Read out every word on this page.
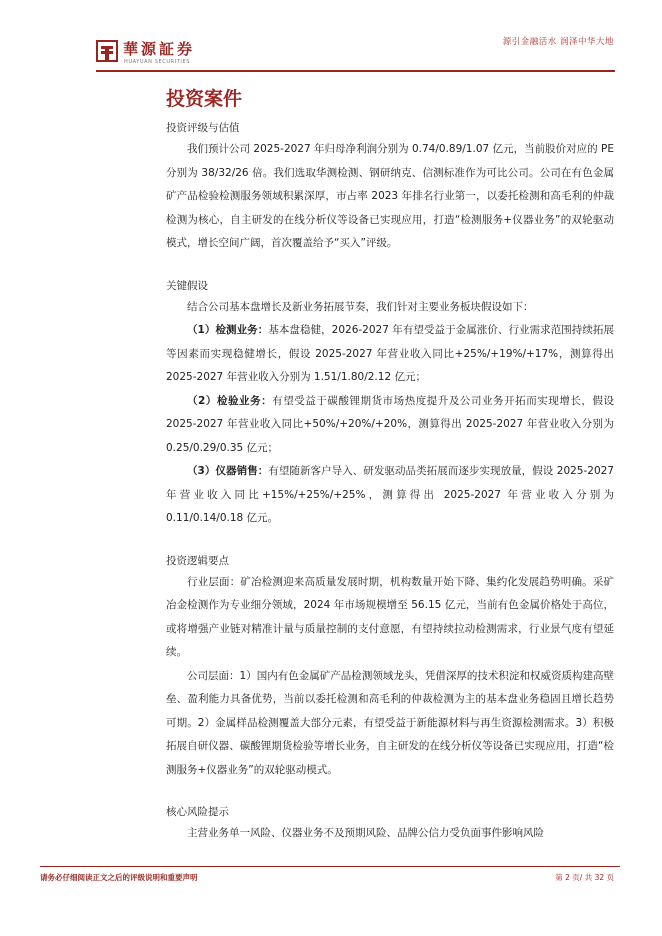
華源証券
HUAYUAN SECURITIES
源引金融活水 润泽中华大地
投资案件
投资评级与估值
我们预计公司 2025-2027 年归母净利润分别为 0.74/0.89/1.07 亿元，当前股价对应的 PE 分别为 38/32/26 倍。我们选取华测检测、钢研纳克、信测标准作为可比公司。公司在有色金属矿产品检验检测服务领域积累深厚，市占率 2023 年排名行业第一，以委托检测和高毛利的仲裁检测为核心，自主研发的在线分析仪等设备已实现应用，打造“检测服务+仪器业务”的双轮驱动模式，增长空间广阔，首次覆盖给予“买入”评级。
关键假设
结合公司基本盘增长及新业务拓展节奏，我们针对主要业务板块假设如下：
（1）检测业务：基本盘稳健，2026-2027 年有望受益于金属涨价、行业需求范围持续拓展等因素而实现稳健增长，假设 2025-2027 年营业收入同比+25%/+19%/+17%，测算得出 2025-2027 年营业收入分别为 1.51/1.80/2.12 亿元；
（2）检验业务：有望受益于碳酸锂期货市场热度提升及公司业务开拓而实现增长，假设 2025-2027 年营业收入同比+50%/+20%/+20%，测算得出 2025-2027 年营业收入分别为 0.25/0.29/0.35 亿元；
（3）仪器销售：有望随新客户导入、研发驱动品类拓展而逐步实现放量，假设 2025-2027 年营业收入同比+15%/+25%/+25%，测算得出 2025-2027 年营业收入分别为 0.11/0.14/0.18 亿元。
投资逻辑要点
行业层面：矿冶检测迎来高质量发展时期，机构数量开始下降、集约化发展趋势明确。采矿冶金检测作为专业细分领域，2024 年市场规模增至 56.15 亿元，当前有色金属价格处于高位，或将增强产业链对精准计量与质量控制的支付意愿，有望持续拉动检测需求，行业景气度有望延续。
公司层面：1）国内有色金属矿产品检测领域龙头，凭借深厚的技术积淀和权威资质构建高壁垒、盈利能力具备优势，当前以委托检测和高毛利的仲裁检测为主的基本盘业务稳固且增长趋势可期。2）金属样品检测覆盖大部分元素，有望受益于新能源材料与再生资源检测需求。3）积极拓展自研仪器、碳酸锂期货检验等增长业务，自主研发的在线分析仪等设备已实现应用，打造“检测服务+仪器业务”的双轮驱动模式。
核心风险提示
主营业务单一风险、仪器业务不及预期风险、品牌公信力受负面事件影响风险
请务必仔细阅读正文之后的评级说明和重要声明	第 2 页/ 共 32 页
